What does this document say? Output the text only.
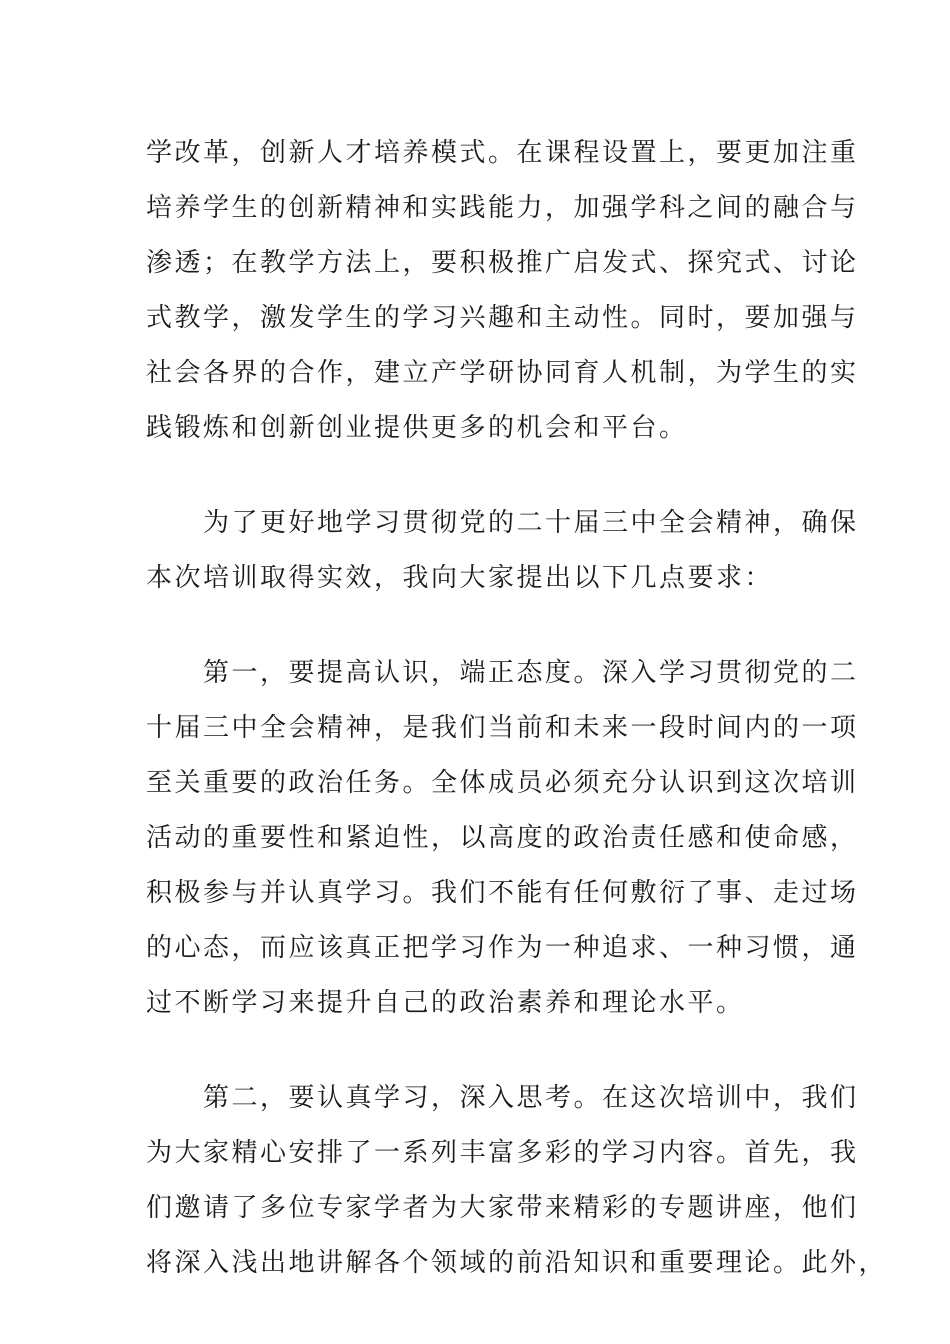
学改革，创新人才培养模式。在课程设置上，要更加注重
培养学生的创新精神和实践能力，加强学科之间的融合与
渗透；在教学方法上，要积极推广启发式、探究式、讨论
式教学，激发学生的学习兴趣和主动性。同时，要加强与
社会各界的合作，建立产学研协同育人机制，为学生的实
践锻炼和创新创业提供更多的机会和平台。
　　为了更好地学习贯彻党的二十届三中全会精神，确保
本次培训取得实效，我向大家提出以下几点要求：
　　第一，要提高认识，端正态度。深入学习贯彻党的二
十届三中全会精神，是我们当前和未来一段时间内的一项
至关重要的政治任务。全体成员必须充分认识到这次培训
活动的重要性和紧迫性，以高度的政治责任感和使命感，
积极参与并认真学习。我们不能有任何敷衍了事、走过场
的心态，而应该真正把学习作为一种追求、一种习惯，通
过不断学习来提升自己的政治素养和理论水平。
　　第二，要认真学习，深入思考。在这次培训中，我们
为大家精心安排了一系列丰富多彩的学习内容。首先，我
们邀请了多位专家学者为大家带来精彩的专题讲座，他们
将深入浅出地讲解各个领域的前沿知识和重要理论。此外，
